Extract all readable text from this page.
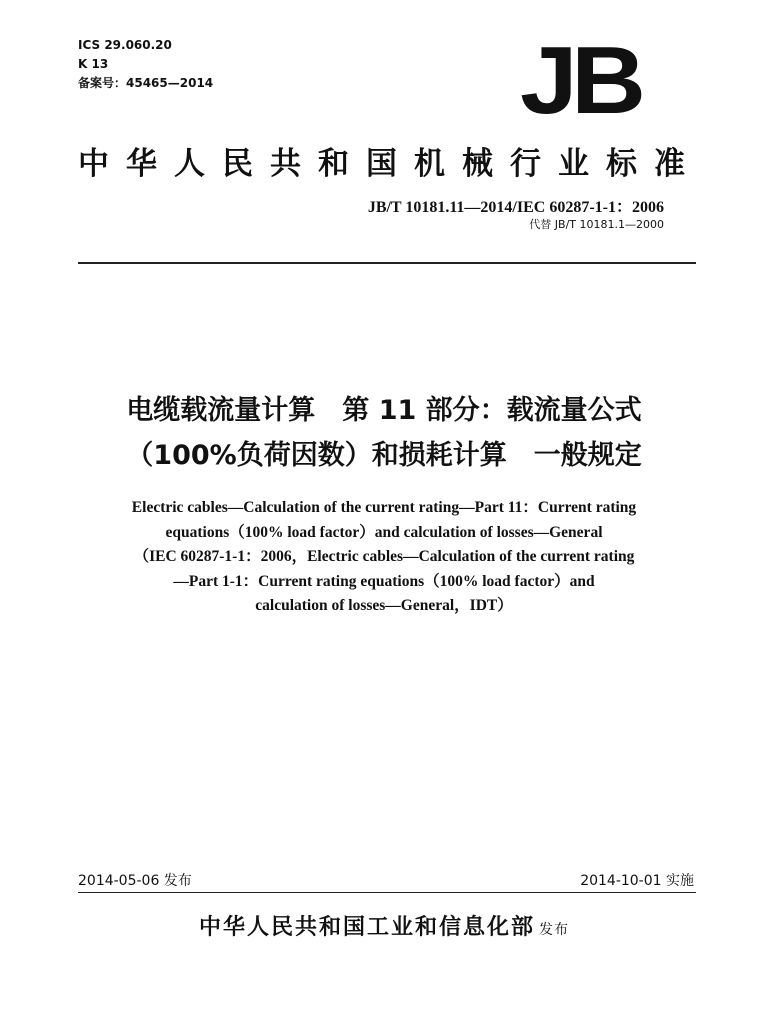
ICS 29.060.20
K 13
备案号：45465—2014	JB
中华人民共和国机械行业标准
JB/T 10181.11—2014/IEC 60287-1-1：2006
代替 JB/T 10181.1—2000
电缆载流量计算　第 11 部分：载流量公式
（100%负荷因数）和损耗计算　一般规定
Electric cables—Calculation of the current rating—Part 11：Current rating
equations（100% load factor）and calculation of losses—General
（IEC 60287-1-1：2006，Electric cables—Calculation of the current rating
—Part 1-1：Current rating equations（100% load factor）and
calculation of losses—General，IDT）
2014-05-06 发布	2014-10-01 实施
中华人民共和国工业和信息化部 发布
